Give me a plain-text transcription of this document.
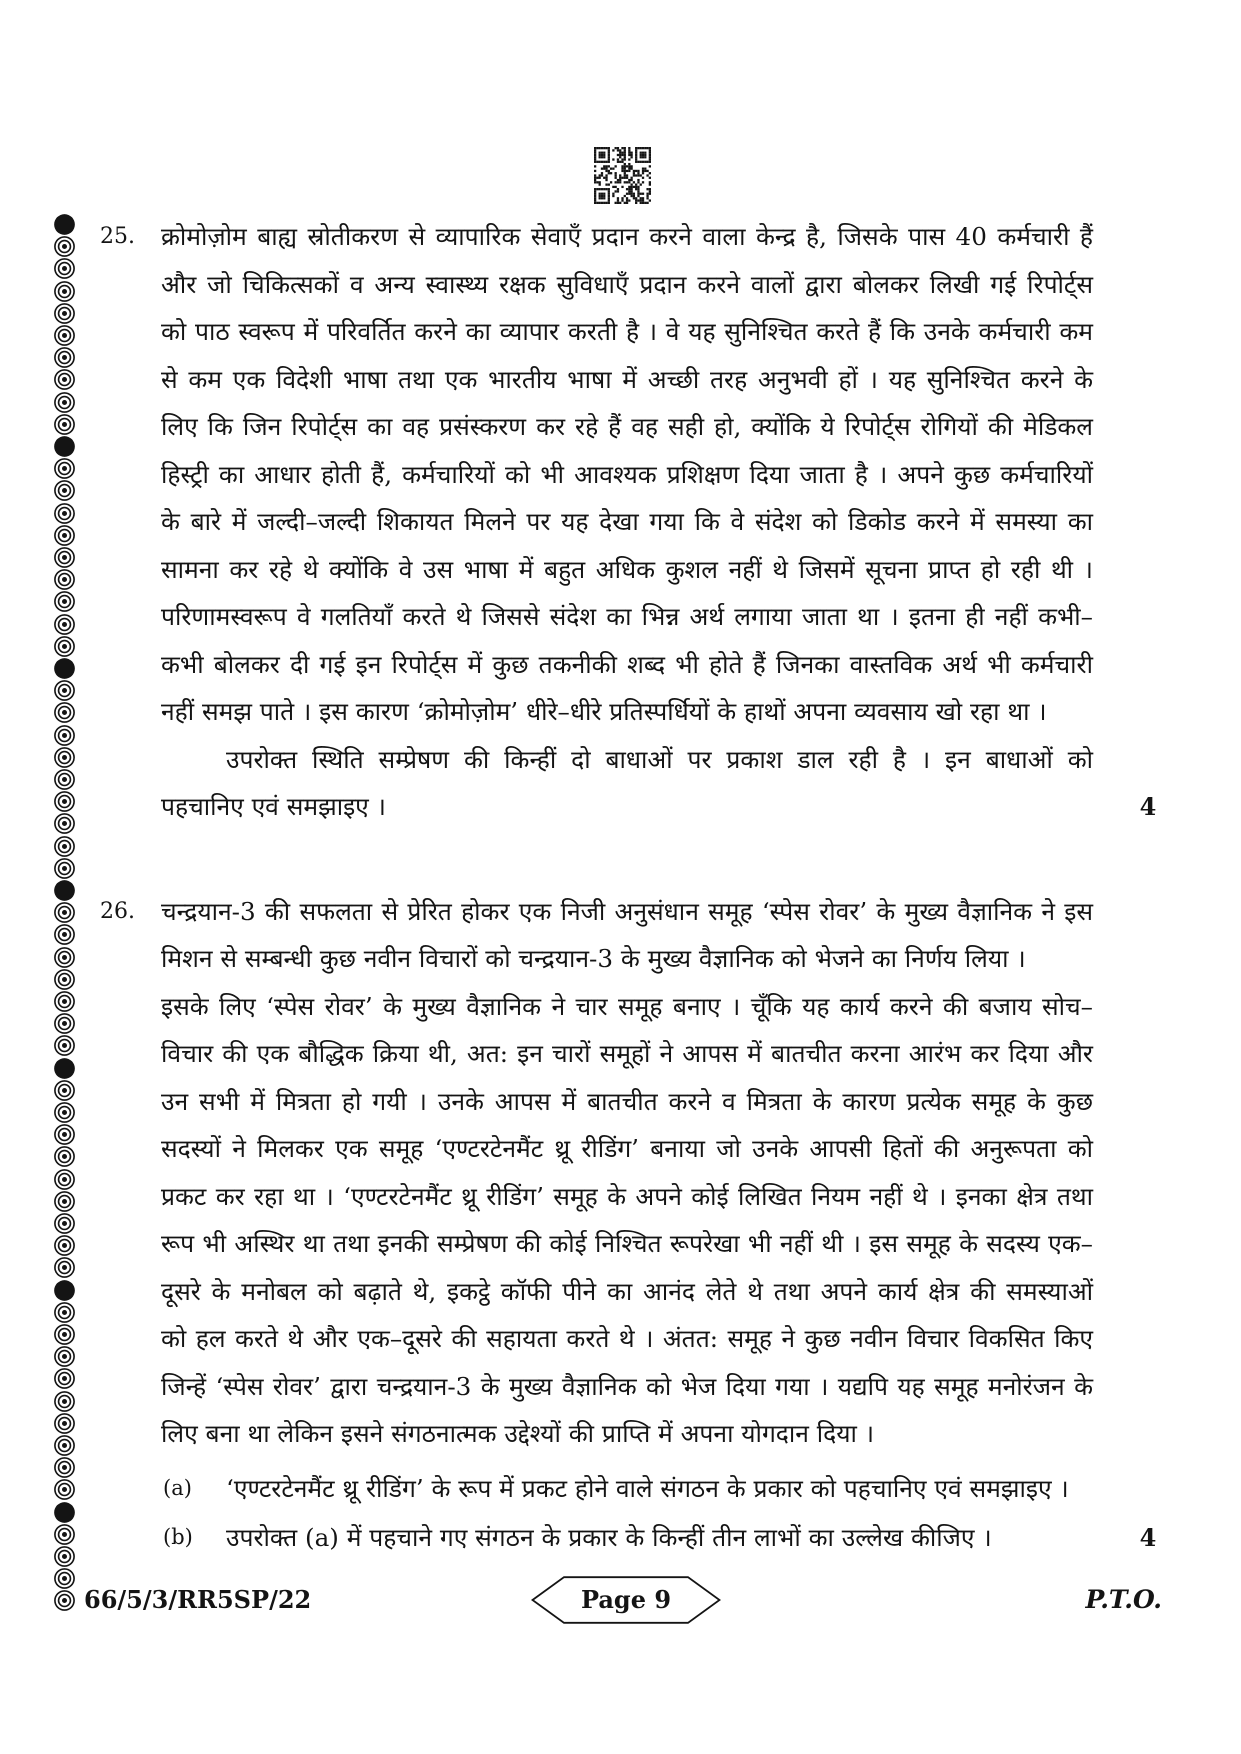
25.	क्रोमोज़ोम बाह्य स्रोतीकरण से व्यापारिक सेवाएँ प्रदान करने वाला केन्द्र है, जिसके पास 40 कर्मचारी हैं
और जो चिकित्सकों व अन्य स्वास्थ्य रक्षक सुविधाएँ प्रदान करने वालों द्वारा बोलकर लिखी गई रिपोर्ट्स
को पाठ स्वरूप में परिवर्तित करने का व्यापार करती है । वे यह सुनिश्चित करते हैं कि उनके कर्मचारी कम
से कम एक विदेशी भाषा तथा एक भारतीय भाषा में अच्छी तरह अनुभवी हों । यह सुनिश्चित करने के
लिए कि जिन रिपोर्ट्स का वह प्रसंस्करण कर रहे हैं वह सही हो, क्योंकि ये रिपोर्ट्स रोगियों की मेडिकल
हिस्ट्री का आधार होती हैं, कर्मचारियों को भी आवश्यक प्रशिक्षण दिया जाता है । अपने कुछ कर्मचारियों
के बारे में जल्दी–जल्दी शिकायत मिलने पर यह देखा गया कि वे संदेश को डिकोड करने में समस्या का
सामना कर रहे थे क्योंकि वे उस भाषा में बहुत अधिक कुशल नहीं थे जिसमें सूचना प्राप्त हो रही थी ।
परिणामस्वरूप वे गलतियाँ करते थे जिससे संदेश का भिन्न अर्थ लगाया जाता था । इतना ही नहीं कभी–
कभी बोलकर दी गई इन रिपोर्ट्स में कुछ तकनीकी शब्द भी होते हैं जिनका वास्तविक अर्थ भी कर्मचारी
नहीं समझ पाते । इस कारण ‘क्रोमोज़ोम’ धीरे–धीरे प्रतिस्पर्धियों के हाथों अपना व्यवसाय खो रहा था ।
उपरोक्त स्थिति सम्प्रेषण की किन्हीं दो बाधाओं पर प्रकाश डाल रही है । इन बाधाओं को
पहचानिए एवं समझाइए ।	4
26.	चन्द्रयान-3 की सफलता से प्रेरित होकर एक निजी अनुसंधान समूह ‘स्पेस रोवर’ के मुख्य वैज्ञानिक ने इस
मिशन से सम्बन्धी कुछ नवीन विचारों को चन्द्रयान-3 के मुख्य वैज्ञानिक को भेजने का निर्णय लिया ।
इसके लिए ‘स्पेस रोवर’ के मुख्य वैज्ञानिक ने चार समूह बनाए । चूँकि यह कार्य करने की बजाय सोच–
विचार की एक बौद्धिक क्रिया थी, अत: इन चारों समूहों ने आपस में बातचीत करना आरंभ कर दिया और
उन सभी में मित्रता हो गयी । उनके आपस में बातचीत करने व मित्रता के कारण प्रत्येक समूह के कुछ
सदस्यों ने मिलकर एक समूह ‘एण्टरटेनमैंट थ्रू रीडिंग’ बनाया जो उनके आपसी हितों की अनुरूपता को
प्रकट कर रहा था । ‘एण्टरटेनमैंट थ्रू रीडिंग’ समूह के अपने कोई लिखित नियम नहीं थे । इनका क्षेत्र तथा
रूप भी अस्थिर था तथा इनकी सम्प्रेषण की कोई निश्चित रूपरेखा भी नहीं थी । इस समूह के सदस्य एक–
दूसरे के मनोबल को बढ़ाते थे, इकट्ठे कॉफी पीने का आनंद लेते थे तथा अपने कार्य क्षेत्र की समस्याओं
को हल करते थे और एक–दूसरे की सहायता करते थे । अंतत: समूह ने कुछ नवीन विचार विकसित किए
जिन्हें ‘स्पेस रोवर’ द्वारा चन्द्रयान-3 के मुख्य वैज्ञानिक को भेज दिया गया । यद्यपि यह समूह मनोरंजन के
लिए बना था लेकिन इसने संगठनात्मक उद्देश्यों की प्राप्ति में अपना योगदान दिया ।
(a) ‘एण्टरटेनमैंट थ्रू रीडिंग’ के रूप में प्रकट होने वाले संगठन के प्रकार को पहचानिए एवं समझाइए ।
(b) उपरोक्त (a) में पहचाने गए संगठन के प्रकार के किन्हीं तीन लाभों का उल्लेख कीजिए ।	4
66/5/3/RR5SP/22	Page 9	P.T.O.
